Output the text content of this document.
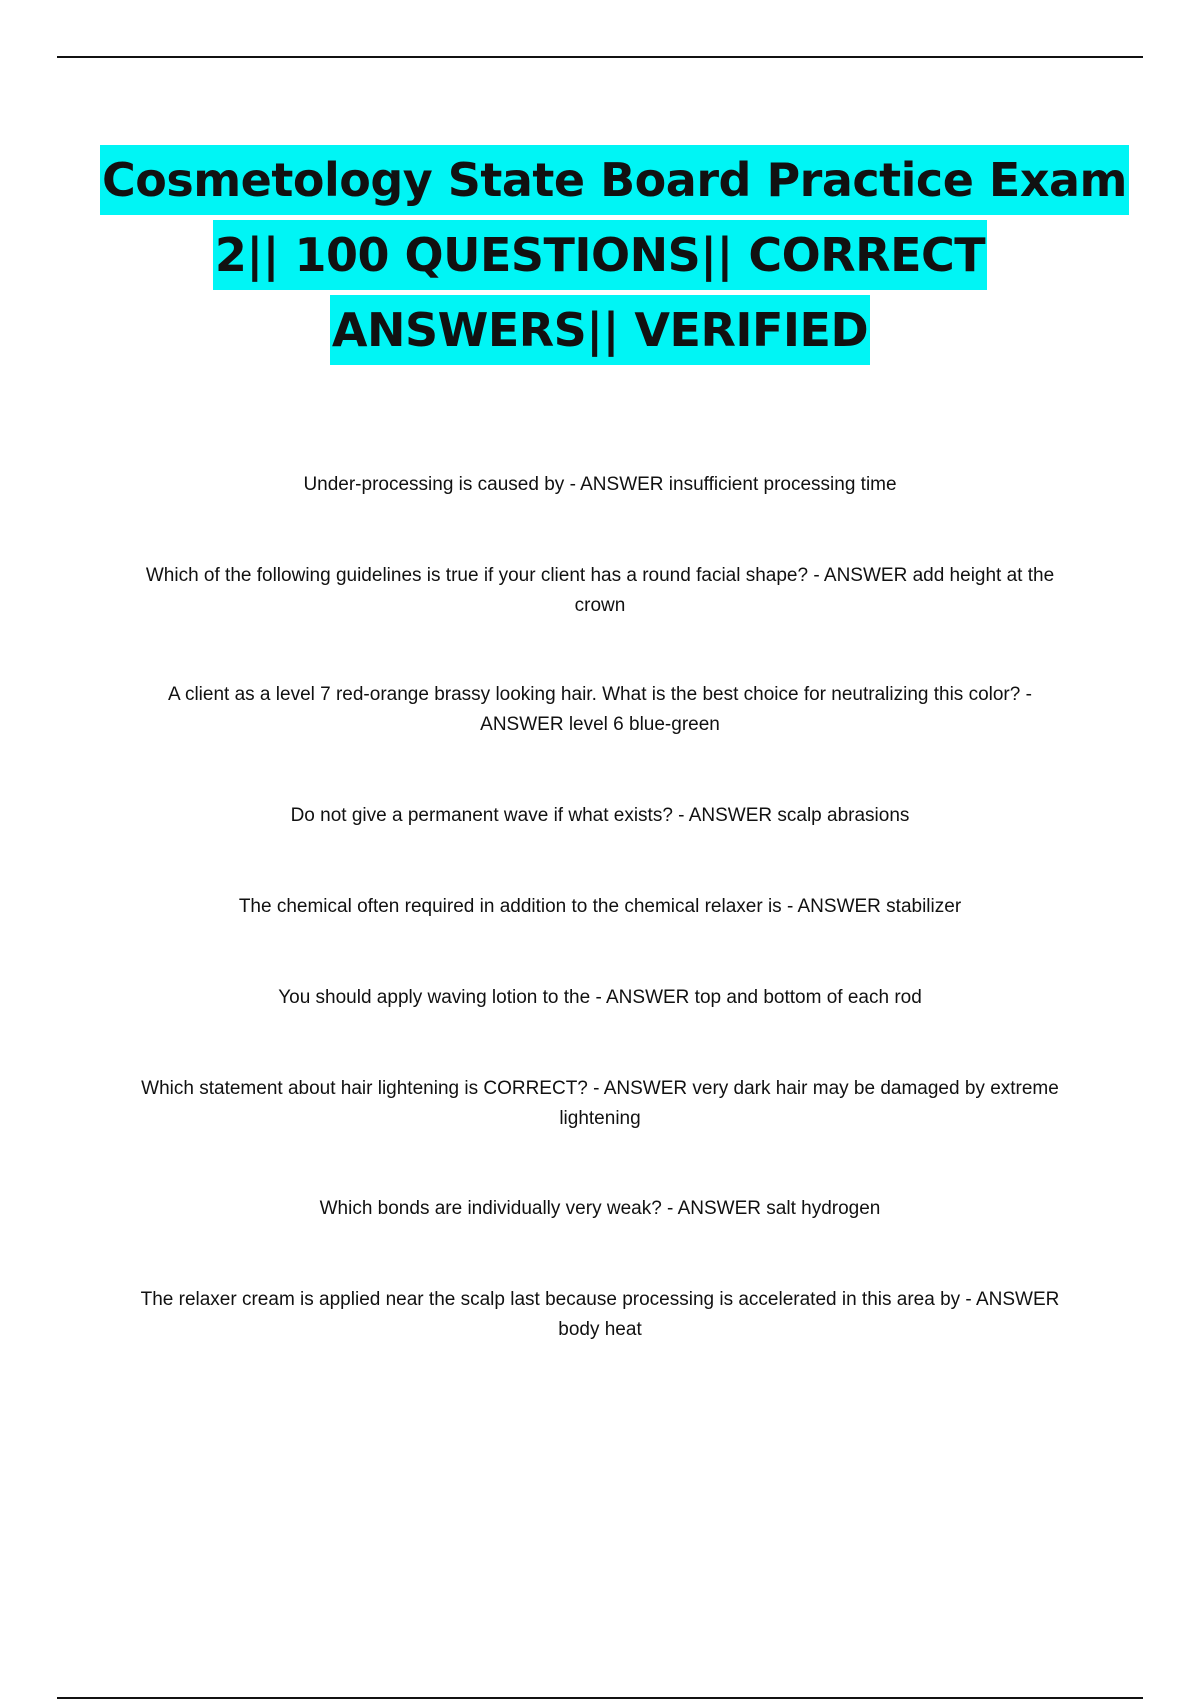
Cosmetology State Board Practice Exam
2|| 100 QUESTIONS|| CORRECT
ANSWERS|| VERIFIED

Under-processing is caused by - ANSWER insufficient processing time

Which of the following guidelines is true if your client has a round facial shape? - ANSWER add height at the crown

A client as a level 7 red-orange brassy looking hair. What is the best choice for neutralizing this color? - ANSWER level 6 blue-green

Do not give a permanent wave if what exists? - ANSWER scalp abrasions

The chemical often required in addition to the chemical relaxer is - ANSWER stabilizer

You should apply waving lotion to the - ANSWER top and bottom of each rod

Which statement about hair lightening is CORRECT? - ANSWER very dark hair may be damaged by extreme lightening

Which bonds are individually very weak? - ANSWER salt hydrogen

The relaxer cream is applied near the scalp last because processing is accelerated in this area by - ANSWER body heat
